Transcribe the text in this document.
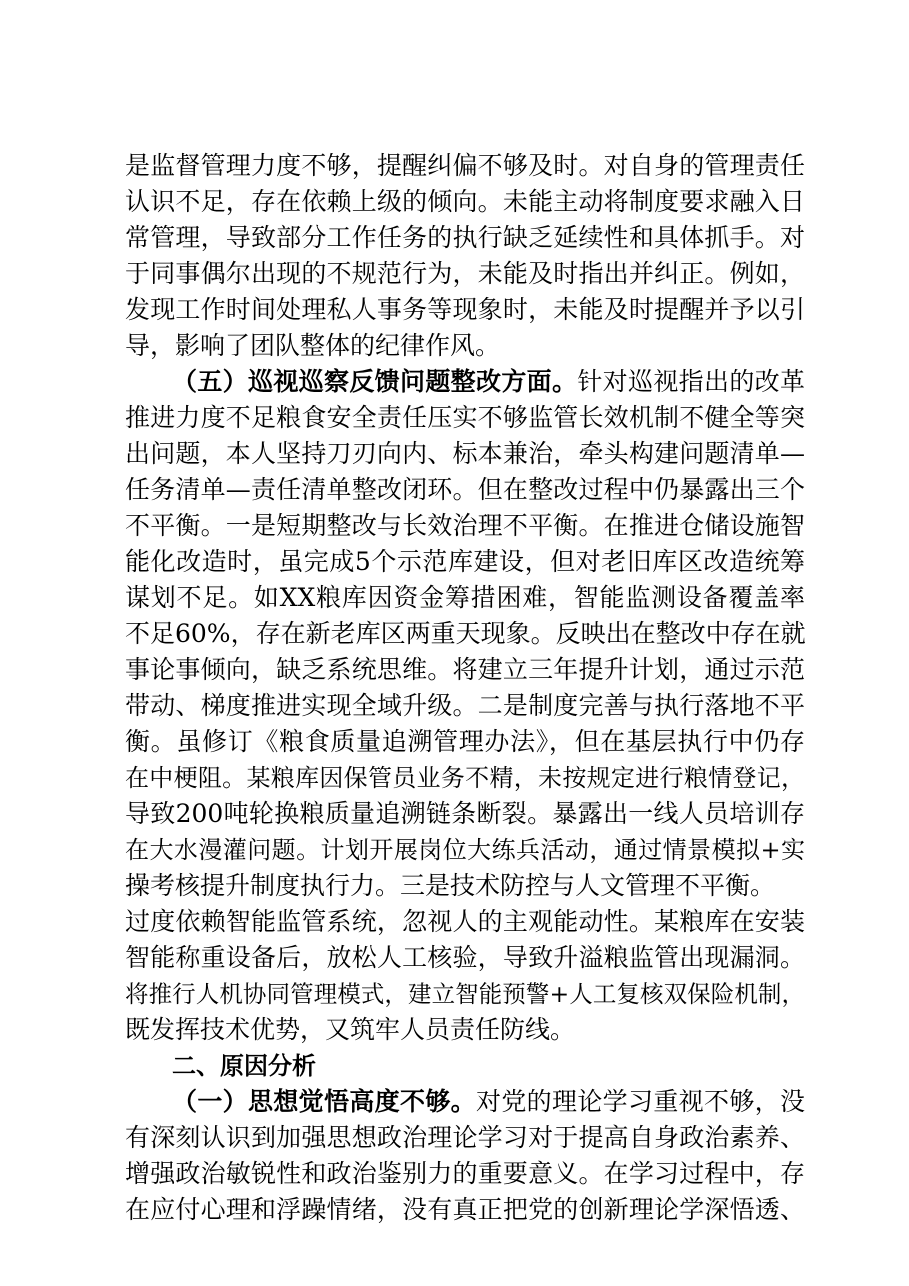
是监督管理力度不够，提醒纠偏不够及时。对自身的管理责任
认识不足，存在依赖上级的倾向。未能主动将制度要求融入日
常管理，导致部分工作任务的执行缺乏延续性和具体抓手。对
于同事偶尔出现的不规范行为，未能及时指出并纠正。例如，
发现工作时间处理私人事务等现象时，未能及时提醒并予以引
导，影响了团队整体的纪律作风。
（五）巡视巡察反馈问题整改方面。针对巡视指出的改革
推进力度不足粮食安全责任压实不够监管长效机制不健全等突
出问题，本人坚持刀刃向内、标本兼治，牵头构建问题清单—
任务清单—责任清单整改闭环。但在整改过程中仍暴露出三个
不平衡。一是短期整改与长效治理不平衡。在推进仓储设施智
能化改造时，虽完成5个示范库建设，但对老旧库区改造统筹
谋划不足。如XX粮库因资金筹措困难，智能监测设备覆盖率
不足60%，存在新老库区两重天现象。反映出在整改中存在就
事论事倾向，缺乏系统思维。将建立三年提升计划，通过示范
带动、梯度推进实现全域升级。二是制度完善与执行落地不平
衡。虽修订《粮食质量追溯管理办法》，但在基层执行中仍存
在中梗阻。某粮库因保管员业务不精，未按规定进行粮情登记，
导致200吨轮换粮质量追溯链条断裂。暴露出一线人员培训存
在大水漫灌问题。计划开展岗位大练兵活动，通过情景模拟+实
操考核提升制度执行力。三是技术防控与人文管理不平衡。
过度依赖智能监管系统，忽视人的主观能动性。某粮库在安装
智能称重设备后，放松人工核验，导致升溢粮监管出现漏洞。
将推行人机协同管理模式，建立智能预警+人工复核双保险机制，
既发挥技术优势，又筑牢人员责任防线。
二、原因分析
（一）思想觉悟高度不够。对党的理论学习重视不够，没
有深刻认识到加强思想政治理论学习对于提高自身政治素养、
增强政治敏锐性和政治鉴别力的重要意义。在学习过程中，存
在应付心理和浮躁情绪，没有真正把党的创新理论学深悟透、
